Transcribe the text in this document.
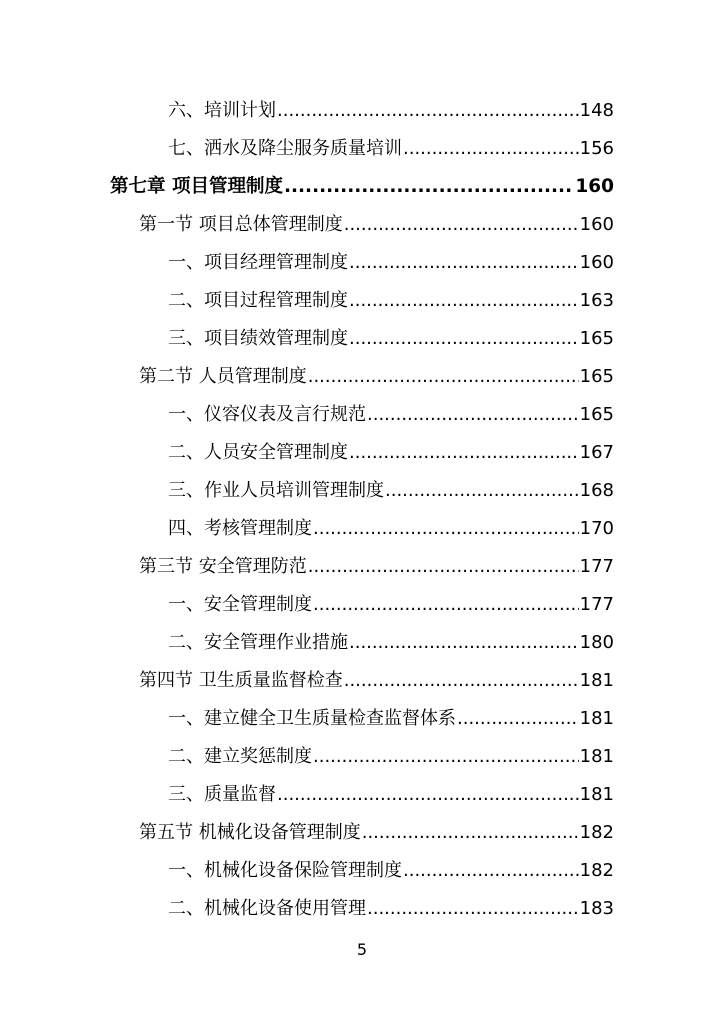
六、培训计划 .....	148
七、洒水及降尘服务质量培训 .....	156
第七章 项目管理制度 .....	160
第一节 项目总体管理制度 .....	160
一、项目经理管理制度 .....	160
二、项目过程管理制度 .....	163
三、项目绩效管理制度 .....	165
第二节 人员管理制度 .....	165
一、仪容仪表及言行规范 .....	165
二、人员安全管理制度 .....	167
三、作业人员培训管理制度 .....	168
四、考核管理制度 .....	170
第三节 安全管理防范 .....	177
一、安全管理制度 .....	177
二、安全管理作业措施 .....	180
第四节 卫生质量监督检查 .....	181
一、建立健全卫生质量检查监督体系 .....	181
二、建立奖惩制度 .....	181
三、质量监督 .....	181
第五节 机械化设备管理制度 .....	182
一、机械化设备保险管理制度 .....	182
二、机械化设备使用管理 .....	183
5
